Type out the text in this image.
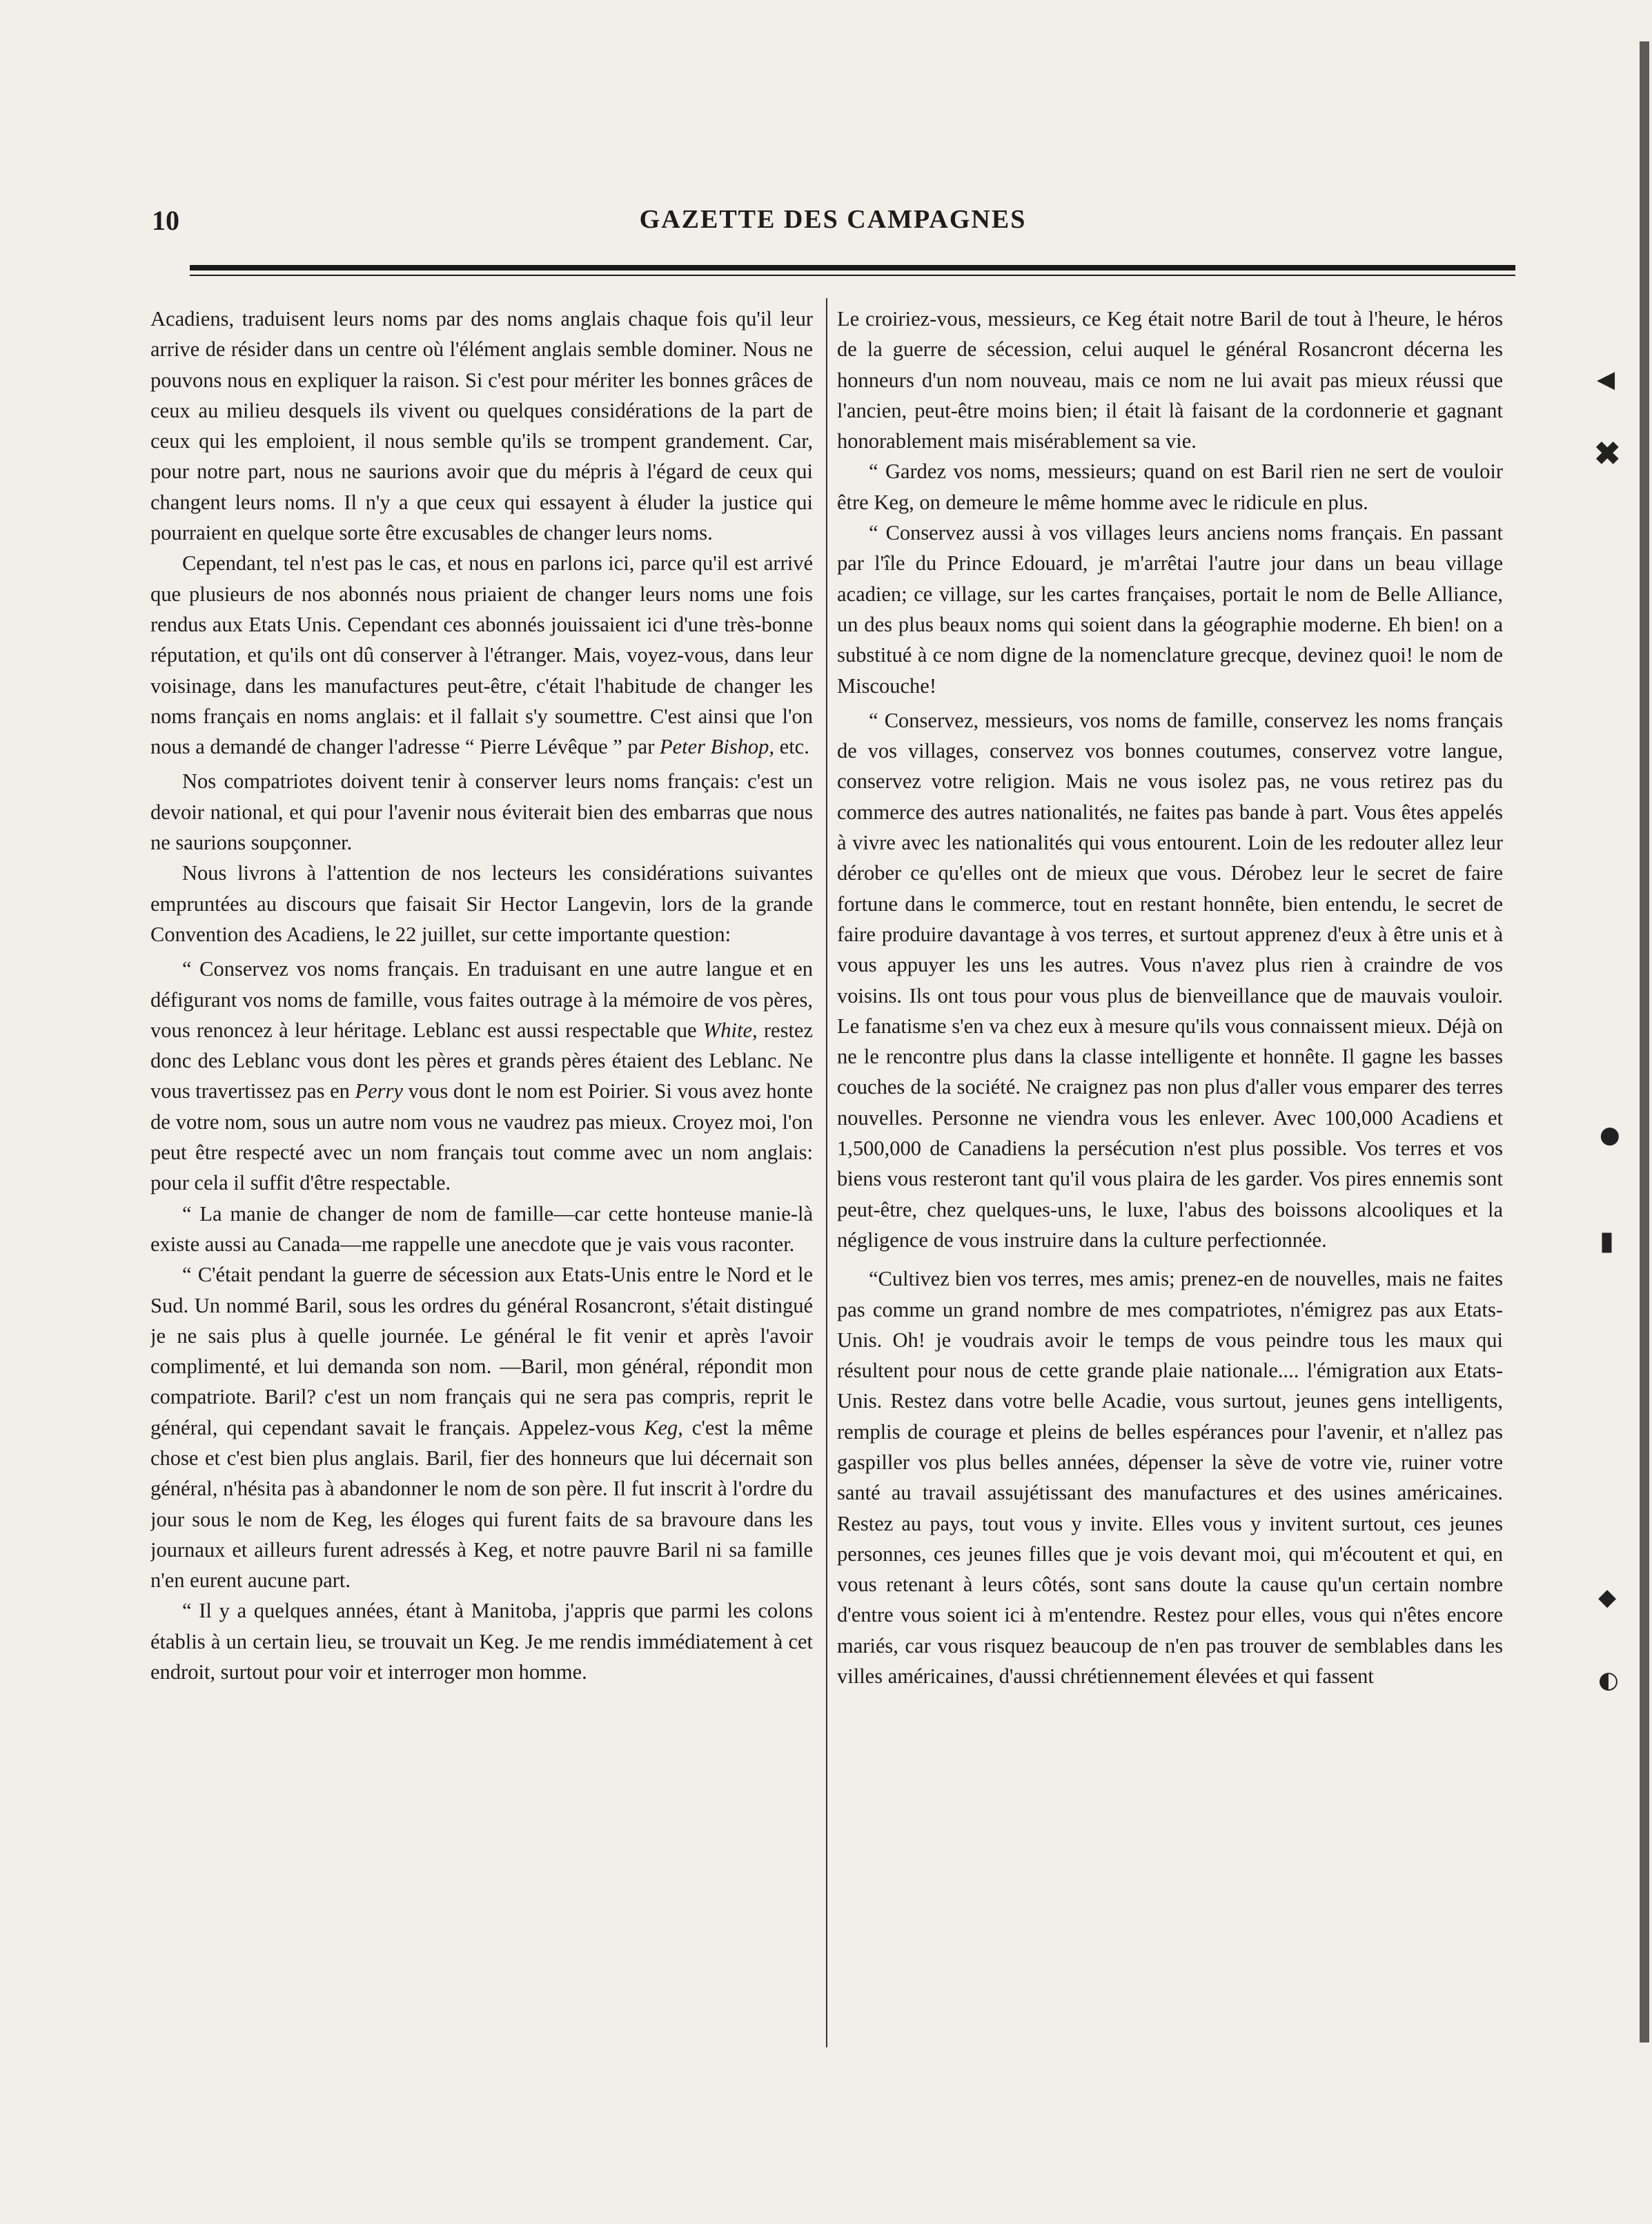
10	GAZETTE DES CAMPAGNES

Acadiens, traduisent leurs noms par des noms anglais chaque fois qu'il leur arrive de résider dans un centre où l'élément anglais semble dominer. Nous ne pouvons nous en expliquer la raison. Si c'est pour mériter les bonnes grâces de ceux au milieu desquels ils vivent ou quelques considérations de la part de ceux qui les emploient, il nous semble qu'ils se trompent grandement. Car, pour notre part, nous ne saurions avoir que du mépris à l'égard de ceux qui changent leurs noms. Il n'y a que ceux qui essayent à éluder la justice qui pourraient en quelque sorte être excusables de changer leurs noms.

Cependant, tel n'est pas le cas, et nous en parlons ici, parce qu'il est arrivé que plusieurs de nos abonnés nous priaient de changer leurs noms une fois rendus aux Etats Unis. Cependant ces abonnés jouissaient ici d'une très-bonne réputation, et qu'ils ont dû conserver à l'étranger. Mais, voyez-vous, dans leur voisinage, dans les manufactures peut-être, c'était l'habitude de changer les noms français en noms anglais: et il fallait s'y soumettre. C'est ainsi que l'on nous a demandé de changer l'adresse “ Pierre Lévêque ” par Peter Bishop, etc.

Nos compatriotes doivent tenir à conserver leurs noms français: c'est un devoir national, et qui pour l'avenir nous éviterait bien des embarras que nous ne saurions soupçonner.

Nous livrons à l'attention de nos lecteurs les considérations suivantes empruntées au discours que faisait Sir Hector Langevin, lors de la grande Convention des Acadiens, le 22 juillet, sur cette importante question:

“ Conservez vos noms français. En traduisant en une autre langue et en défigurant vos noms de famille, vous faites outrage à la mémoire de vos pères, vous renoncez à leur héritage. Leblanc est aussi respectable que White, restez donc des Leblanc vous dont les pères et grands pères étaient des Leblanc. Ne vous travertissez pas en Perry vous dont le nom est Poirier. Si vous avez honte de votre nom, sous un autre nom vous ne vaudrez pas mieux. Croyez moi, l'on peut être respecté avec un nom français tout comme avec un nom anglais: pour cela il suffit d'être respectable.

“ La manie de changer de nom de famille—car cette honteuse manie-là existe aussi au Canada—me rappelle une anecdote que je vais vous raconter.

“ C'était pendant la guerre de sécession aux Etats-Unis entre le Nord et le Sud. Un nommé Baril, sous les ordres du général Rosancront, s'était distingué je ne sais plus à quelle journée. Le général le fit venir et après l'avoir complimenté, et lui demanda son nom. —Baril, mon général, répondit mon compatriote. Baril? c'est un nom français qui ne sera pas compris, reprit le général, qui cependant savait le français. Appelez-vous Keg, c'est la même chose et c'est bien plus anglais. Baril, fier des honneurs que lui décernait son général, n'hésita pas à abandonner le nom de son père. Il fut inscrit à l'ordre du jour sous le nom de Keg, les éloges qui furent faits de sa bravoure dans les journaux et ailleurs furent adressés à Keg, et notre pauvre Baril ni sa famille n'en eurent aucune part.

“ Il y a quelques années, étant à Manitoba, j'appris que parmi les colons établis à un certain lieu, se trouvait un Keg. Je me rendis immédiatement à cet endroit, surtout pour voir et interroger mon homme.

Le croiriez-vous, messieurs, ce Keg était notre Baril de tout à l'heure, le héros de la guerre de sécession, celui auquel le général Rosancront décerna les honneurs d'un nom nouveau, mais ce nom ne lui avait pas mieux réussi que l'ancien, peut-être moins bien; il était là faisant de la cordonnerie et gagnant honorablement mais misérablement sa vie.

“ Gardez vos noms, messieurs; quand on est Baril rien ne sert de vouloir être Keg, on demeure le même homme avec le ridicule en plus.

“ Conservez aussi à vos villages leurs anciens noms français. En passant par l'île du Prince Edouard, je m'arrêtai l'autre jour dans un beau village acadien; ce village, sur les cartes françaises, portait le nom de Belle Alliance, un des plus beaux noms qui soient dans la géographie moderne. Eh bien! on a substitué à ce nom digne de la nomenclature grecque, devinez quoi! le nom de Miscouche!

“ Conservez, messieurs, vos noms de famille, conservez les noms français de vos villages, conservez vos bonnes coutumes, conservez votre langue, conservez votre religion. Mais ne vous isolez pas, ne vous retirez pas du commerce des autres nationalités, ne faites pas bande à part. Vous êtes appelés à vivre avec les nationalités qui vous entourent. Loin de les redouter allez leur dérober ce qu'elles ont de mieux que vous. Dérobez leur le secret de faire fortune dans le commerce, tout en restant honnête, bien entendu, le secret de faire produire davantage à vos terres, et surtout apprenez d'eux à être unis et à vous appuyer les uns les autres. Vous n'avez plus rien à craindre de vos voisins. Ils ont tous pour vous plus de bienveillance que de mauvais vouloir. Le fanatisme s'en va chez eux à mesure qu'ils vous connaissent mieux. Déjà on ne le rencontre plus dans la classe intelligente et honnête. Il gagne les basses couches de la société. Ne craignez pas non plus d'aller vous emparer des terres nouvelles. Personne ne viendra vous les enlever. Avec 100,000 Acadiens et 1,500,000 de Canadiens la persécution n'est plus possible. Vos terres et vos biens vous resteront tant qu'il vous plaira de les garder. Vos pires ennemis sont peut-être, chez quelques-uns, le luxe, l'abus des boissons alcooliques et la négligence de vous instruire dans la culture perfectionnée.

“Cultivez bien vos terres, mes amis; prenez-en de nouvelles, mais ne faites pas comme un grand nombre de mes compatriotes, n'émigrez pas aux Etats-Unis. Oh! je voudrais avoir le temps de vous peindre tous les maux qui résultent pour nous de cette grande plaie nationale.... l'émigration aux Etats-Unis. Restez dans votre belle Acadie, vous surtout, jeunes gens intelligents, remplis de courage et pleins de belles espérances pour l'avenir, et n'allez pas gaspiller vos plus belles années, dépenser la sève de votre vie, ruiner votre santé au travail assujétissant des manufactures et des usines américaines. Restez au pays, tout vous y invite. Elles vous y invitent surtout, ces jeunes personnes, ces jeunes filles que je vois devant moi, qui m'écoutent et qui, en vous retenant à leurs côtés, sont sans doute la cause qu'un certain nombre d'entre vous soient ici à m'entendre. Restez pour elles, vous qui n'êtes encore mariés, car vous risquez beaucoup de n'en pas trouver de semblables dans les villes américaines, d'aussi chrétiennement élevées et qui fassent

◀
✖
●
▮
◆
◐
